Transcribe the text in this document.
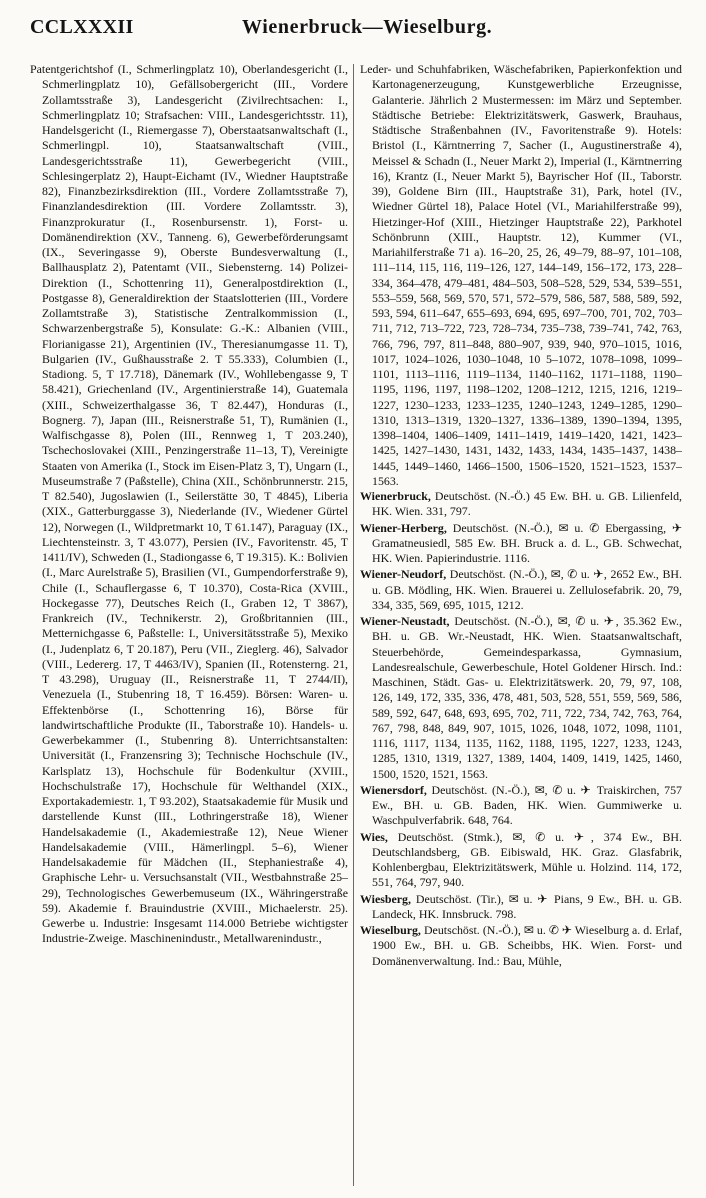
CCLXXXII	Wienerbruck—Wieselburg.

Patentgerichtshof (I., Schmerlingplatz 10), Oberlandesgericht (I., Schmerlingplatz 10), Gefällsobergericht (III., Vordere Zollamtsstraße 3), Landesgericht (Zivilrechtsachen: I., Schmerlingplatz 10; Strafsachen: VIII., Landesgerichtsstr. 11), Handelsgericht (I., Riemergasse 7), Oberstaatsanwaltschaft (I., Schmerlingpl. 10), Staatsanwaltschaft (VIII., Landesgerichtsstraße 11), Gewerbegericht (VIII., Schlesingerplatz 2), Haupt-Eichamt (IV., Wiedner Hauptstraße 82), Finanzbezirksdirektion (III., Vordere Zollamtsstraße 7), Finanzlandesdirektion (III. Vordere Zollamtsstr. 3), Finanzprokuratur (I., Rosenbursenstr. 1), Forst- u. Domänendirektion (XV., Tanneng. 6), Gewerbeförderungsamt (IX., Severingasse 9), Oberste Bundesverwaltung (I., Ballhausplatz 2), Patentamt (VII., Siebensterng. 14) Polizei-Direktion (I., Schottenring 11), Generalpostdirektion (I., Postgasse 8), Generaldirektion der Staatslotterien (III., Vordere Zollamtstraße 3), Statistische Zentralkommission (I., Schwarzenbergstraße 5), Konsulate: G.-K.: Albanien (VIII., Florianigasse 21), Argentinien (IV., Theresianumgasse 11. T), Bulgarien (IV., Gußhausstraße 2. T 55.333), Columbien (I., Stadiong. 5, T 17.718), Dänemark (IV., Wohllebengasse 9, T 58.421), Griechenland (IV., Argentinierstraße 14), Guatemala (XIII., Schweizerthalgasse 36, T 82.447), Honduras (I., Bognerg. 7), Japan (III., Reisnerstraße 51, T), Rumänien (I., Walfischgasse 8), Polen (III., Rennweg 1, T 203.240), Tschechoslovakei (XIII., Penzingerstraße 11–13, T), Vereinigte Staaten von Amerika (I., Stock im Eisen-Platz 3, T), Ungarn (I., Museumstraße 7 (Paßstelle), China (XII., Schönbrunnerstr. 215, T 82.540), Jugoslawien (I., Seilerstätte 30, T 4845), Liberia (XIX., Gatterburggasse 3), Niederlande (IV., Wiedener Gürtel 12), Norwegen (I., Wildpretmarkt 10, T 61.147), Paraguay (IX., Liechtensteinstr. 3, T 43.077), Persien (IV., Favoritenstr. 45, T 1411/IV), Schweden (I., Stadiongasse 6, T 19.315). K.: Bolivien (I., Marc Aurelstraße 5), Brasilien (VI., Gumpendorferstraße 9), Chile (I., Schauflergasse 6, T 10.370), Costa-Rica (XVIII., Hockegasse 77), Deutsches Reich (I., Graben 12, T 3867), Frankreich (IV., Technikerstr. 2), Großbritannien (III., Metternichgasse 6, Paßstelle: I., Universitätsstraße 5), Mexiko (I., Judenplatz 6, T 20.187), Peru (VII., Zieglerg. 46), Salvador (VIII., Ledererg. 17, T 4463/IV), Spanien (II., Rotensterng. 21, T 43.298), Uruguay (II., Reisnerstraße 11, T 2744/II), Venezuela (I., Stubenring 18, T 16.459). Börsen: Waren- u. Effektenbörse (I., Schottenring 16), Börse für landwirtschaftliche Produkte (II., Taborstraße 10). Handels- u. Gewerbekammer (I., Stubenring 8). Unterrichtsanstalten: Universität (I., Franzensring 3); Technische Hochschule (IV., Karlsplatz 13), Hochschule für Bodenkultur (XVIII., Hochschulstraße 17), Hochschule für Welthandel (XIX., Exportakademiestr. 1, T 93.202), Staatsakademie für Musik und darstellende Kunst (III., Lothringerstraße 18), Wiener Handelsakademie (I., Akademiestraße 12), Neue Wiener Handelsakademie (VIII., Hämerlingpl. 5–6), Wiener Handelsakademie für Mädchen (II., Stephaniestraße 4), Graphische Lehr- u. Versuchsanstalt (VII., Westbahnstraße 25–29), Technologisches Gewerbemuseum (IX., Währingerstraße 59). Akademie f. Brauindustrie (XVIII., Michaelerstr. 25). Gewerbe u. Industrie: Insgesamt 114.000 Betriebe wichtigster Industrie-Zweige. Maschinenindustr., Metallwarenindustr.,

Leder- und Schuhfabriken, Wäschefabriken, Papierkonfektion und Kartonagenerzeugung, Kunstgewerbliche Erzeugnisse, Galanterie. Jährlich 2 Mustermessen: im März und September. Städtische Betriebe: Elektrizitätswerk, Gaswerk, Brauhaus, Städtische Straßenbahnen (IV., Favoritenstraße 9). Hotels: Bristol (I., Kärntnerring 7, Sacher (I., Augustinerstraße 4), Meissel & Schadn (I., Neuer Markt 2), Imperial (I., Kärntnerring 16), Krantz (I., Neuer Markt 5), Bayrischer Hof (II., Taborstr. 39), Goldene Birn (III., Hauptstraße 31), Park, hotel (IV., Wiedner Gürtel 18), Palace Hotel (VI., Mariahilferstraße 99), Hietzinger-Hof (XIII., Hietzinger Hauptstraße 22), Parkhotel Schönbrunn (XIII., Hauptstr. 12), Kummer (VI., Mariahilferstraße 71 a). 16–20, 25, 26, 49–79, 88–97, 101–108, 111–114, 115, 116, 119–126, 127, 144–149, 156–172, 173, 228–334, 364–478, 479–481, 484–503, 508–528, 529, 534, 539–551, 553–559, 568, 569, 570, 571, 572–579, 586, 587, 588, 589, 592, 593, 594, 611–647, 655–693, 694, 695, 697–700, 701, 702, 703–711, 712, 713–722, 723, 728–734, 735–738, 739–741, 742, 763, 766, 796, 797, 811–848, 880–907, 939, 940, 970–1015, 1016, 1017, 1024–1026, 1030–1048, 10 5–1072, 1078–1098, 1099–1101, 1113–1116, 1119–1134, 1140–1162, 1171–1188, 1190–1195, 1196, 1197, 1198–1202, 1208–1212, 1215, 1216, 1219–1227, 1230–1233, 1233–1235, 1240–1243, 1249–1285, 1290–1310, 1313–1319, 1320–1327, 1336–1389, 1390–1394, 1395, 1398–1404, 1406–1409, 1411–1419, 1419–1420, 1421, 1423–1425, 1427–1430, 1431, 1432, 1433, 1434, 1435–1437, 1438–1445, 1449–1460, 1466–1500, 1506–1520, 1521–1523, 1537–1563.

Wienerbruck, Deutschöst. (N.-Ö.) 45 Ew. BH. u. GB. Lilienfeld, HK. Wien. 331, 797.

Wiener-Herberg, Deutschöst. (N.-Ö.), ✉ u. ✆ Ebergassing, ✈ Gramatneusiedl, 585 Ew. BH. Bruck a. d. L., GB. Schwechat, HK. Wien. Papierindustrie. 1116.

Wiener-Neudorf, Deutschöst. (N.-Ö.), ✉, ✆ u. ✈, 2652 Ew., BH. u. GB. Mödling, HK. Wien. Brauerei u. Zellulosefabrik. 20, 79, 334, 335, 569, 695, 1015, 1212.

Wiener-Neustadt, Deutschöst. (N.-Ö.), ✉, ✆ u. ✈, 35.362 Ew., BH. u. GB. Wr.-Neustadt, HK. Wien. Staatsanwaltschaft, Steuerbehörde, Gemeindesparkassa, Gymnasium, Landesrealschule, Gewerbeschule, Hotel Goldener Hirsch. Ind.: Maschinen, Städt. Gas- u. Elektrizitätswerk. 20, 79, 97, 108, 126, 149, 172, 335, 336, 478, 481, 503, 528, 551, 559, 569, 586, 589, 592, 647, 648, 693, 695, 702, 711, 722, 734, 742, 763, 764, 767, 798, 848, 849, 907, 1015, 1026, 1048, 1072, 1098, 1101, 1116, 1117, 1134, 1135, 1162, 1188, 1195, 1227, 1233, 1243, 1285, 1310, 1319, 1327, 1389, 1404, 1409, 1419, 1425, 1460, 1500, 1520, 1521, 1563.

Wienersdorf, Deutschöst. (N.-Ö.), ✉, ✆ u. ✈ Traiskirchen, 757 Ew., BH. u. GB. Baden, HK. Wien. Gummiwerke u. Waschpulverfabrik. 648, 764.

Wies, Deutschöst. (Stmk.), ✉, ✆ u. ✈, 374 Ew., BH. Deutschlandsberg, GB. Eibiswald, HK. Graz. Glasfabrik, Kohlenbergbau, Elektrizitätswerk, Mühle u. Holzind. 114, 172, 551, 764, 797, 940.

Wiesberg, Deutschöst. (Tir.), ✉ u. ✈ Pians, 9 Ew., BH. u. GB. Landeck, HK. Innsbruck. 798.

Wieselburg, Deutschöst. (N.-Ö.), ✉ u. ✆ ✈ Wieselburg a. d. Erlaf, 1900 Ew., BH. u. GB. Scheibbs, HK. Wien. Forst- und Domänenverwaltung. Ind.: Bau, Mühle,
